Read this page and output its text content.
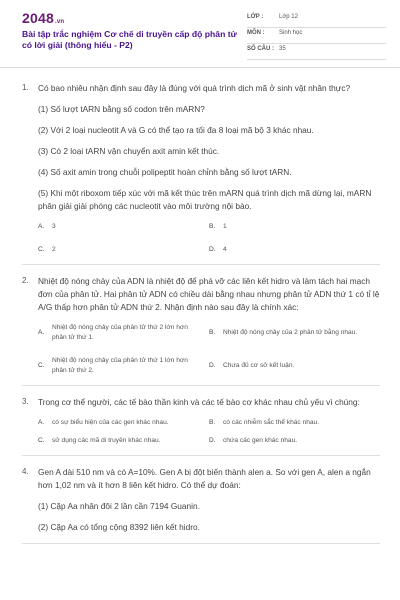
2048.vn
Bài tập trắc nghiệm Cơ chế di truyền cấp độ phân tử có lời giải (thông hiểu - P2)
LỚP :	Lớp 12
MÔN :	Sinh học
SỐ CÂU : 35
1.	Có bao nhiêu nhận định sau đây là đúng với quá trình dịch mã ở sinh vật nhân thực?
(1) Số lượt tARN bằng số codon trên mARN?
(2) Với 2 loại nucleotit A và G có thể tạo ra tối đa 8 loại mã bộ 3 khác nhau.
(3) Có 2 loại tARN vận chuyển axit amin kết thúc.
(4) Số axit amin trong chuỗi polipeptit hoàn chỉnh bằng số lượt tARN.
(5) Khi một riboxom tiếp xúc với mã kết thúc trên mARN quá trình dịch mã dừng lại, mARN phân giải giải phóng các nucleotit vào môi trường nội bào.
A.	3	B.	1
C.	2	D.	4
2.	Nhiệt độ nóng chảy của ADN là nhiệt độ để phá vỡ các liên kết hidro và làm tách hai mạch đơn của phân tử. Hai phân tử ADN có chiều dài bằng nhau nhưng phân tử ADN thứ 1 có tỉ lệ A/G thấp hơn phân tử ADN thứ 2. Nhận định nào sau đây là chính xác:
A.
Nhiệt độ nóng chảy của phân tử thứ 2 lớn hơn phân tử thứ 1.
B.	Nhiệt độ nóng chảy của 2 phân tử bằng nhau.
C.
Nhiệt độ nóng chảy của phân tử thứ 1 lớn hơn phân tử thứ 2.
D.	Chưa đủ cơ sở kết luận.
3.	Trong cơ thể người, các tế bào thần kinh và các tế bào cơ khác nhau chủ yếu vì chúng:
A.	có sự biểu hiện của các gen khác nhau.	B.	có các nhiễm sắc thể khác nhau.
C.	sử dụng các mã di truyền khác nhau.	D.	chứa các gen khác nhau.
4.	Gen A dài 510 nm và có A=10%. Gen A bị đột biến thành alen a. So với gen A, alen a ngắn hơn 1,02 nm và ít hơn 8 liên kết hidro. Có thể dự đoán:
(1) Cặp Aa nhân đôi 2 lần cần 7194 Guanin.
(2) Cặp Aa có tổng cộng 8392 liên kết hidro.
